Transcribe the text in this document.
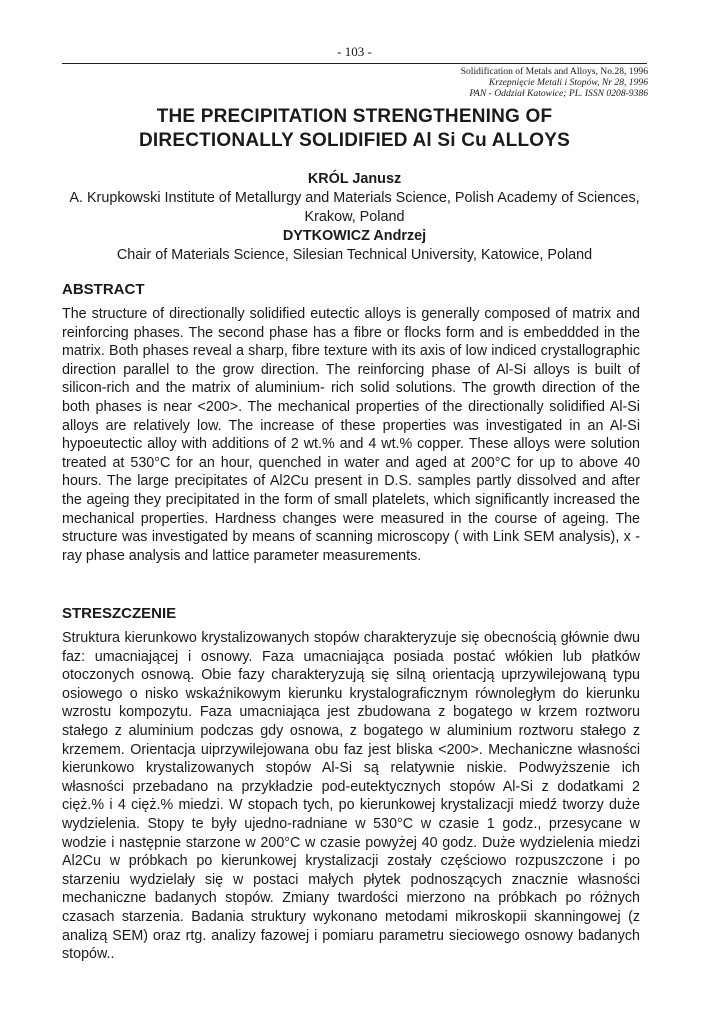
- 103 -
Solidification of Metals and Alloys, No.28, 1996
Krzepnięcie Metali i Stopów, Nr 28, 1996
PAN - Oddział Katowice; PL. ISSN 0208-9386
THE PRECIPITATION STRENGTHENING OF
DIRECTIONALLY SOLIDIFIED Al Si Cu ALLOYS
KRÓL Janusz
A. Krupkowski Institute of Metallurgy and Materials Science, Polish Academy of Sciences, Krakow, Poland
DYTKOWICZ Andrzej
Chair of Materials Science, Silesian Technical University, Katowice, Poland
ABSTRACT
The structure of directionally solidified eutectic alloys is generally composed of matrix and reinforcing phases. The second phase has a fibre or flocks form and is embeddded in the matrix. Both phases reveal a sharp, fibre texture with its axis of low indiced crystallographic direction parallel to the grow direction. The reinforcing phase of Al-Si alloys is built of silicon-rich and the matrix of aluminium- rich solid solutions. The growth direction of the both phases is near <200>. The mechanical properties of the directionally solidified Al-Si alloys are relatively low. The increase of these properties was investigated in an Al-Si hypoeutectic alloy with additions of 2 wt.% and 4 wt.% copper. These alloys were solution treated at 530°C for an hour, quenched in water and aged at 200°C for up to above 40 hours. The large precipitates of Al2Cu present in D.S. samples partly dissolved and after the ageing they precipitated in the form of small platelets, which significantly increased the mechanical properties. Hardness changes were measured in the course of ageing. The structure was investigated by means of scanning microscopy ( with Link SEM analysis), x - ray phase analysis and lattice parameter measurements.
STRESZCZENIE
Struktura kierunkowo krystalizowanych stopów charakteryzuje się obecnością głównie dwu faz: umacniającej i osnowy. Faza umacniająca posiada postać włókien lub płatków otoczonych osnową. Obie fazy charakteryzują się silną orientacją uprzywilejowaną typu osiowego o nisko wskaźnikowym kierunku krystalograficznym równoległym do kierunku wzrostu kompozytu. Faza umacniająca jest zbudowana z bogatego w krzem roztworu stałego z aluminium podczas gdy osnowa, z bogatego w aluminium roztworu stałego z krzemem. Orientacja uiprzywilejowana obu faz jest bliska <200>. Mechaniczne własności kierunkowo krystalizowanych stopów Al-Si są relatywnie niskie. Podwyższenie ich własności przebadano na przykładzie pod-eutektycznych stopów Al-Si z dodatkami 2 cięż.% i 4 cięż.% miedzi. W stopach tych, po kierunkowej krystalizacji miedź tworzy duże wydzielenia. Stopy te były ujedno-radniane w 530°C w czasie 1 godz., przesycane w wodzie i następnie starzone w 200°C w czasie powyżej 40 godz. Duże wydzielenia miedzi Al2Cu w próbkach po kierunkowej krystalizacji zostały częściowo rozpuszczone i po starzeniu wydzielały się w postaci małych płytek podnoszących znacznie własności mechaniczne badanych stopów. Zmiany twardości mierzono na próbkach po różnych czasach starzenia. Badania struktury wykonano metodami mikroskopii skanningowej (z analizą SEM) oraz rtg. analizy fazowej i pomiaru parametru sieciowego osnowy badanych stopów..
